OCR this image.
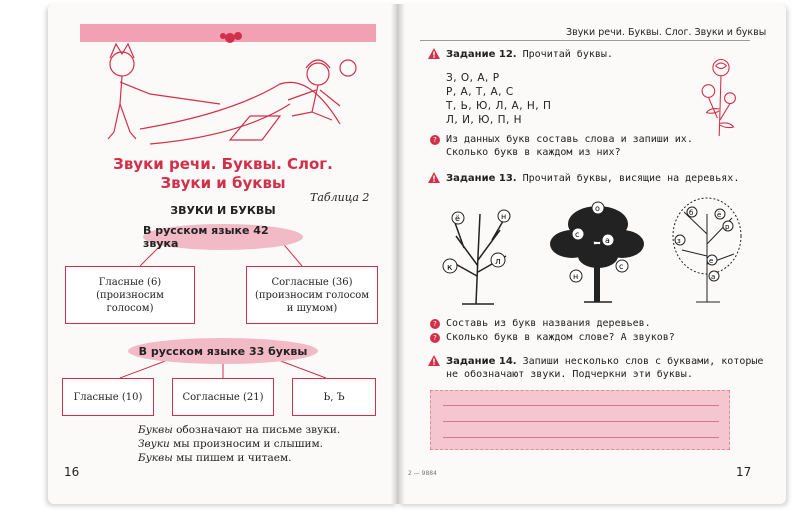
Звуки речи. Буквы. Слог.
Звуки и буквы
Таблица 2
ЗВУКИ И БУКВЫ
В русском языке 42 звука
Гласные (6)
(произносим
голосом)
Согласные (36)
(произносим голосом
и шумом)
В русском языке 33 буквы
Гласные (10)	Согласные (21)	Ь, Ъ
Буквы обозначают на письме звуки.
Звуки мы произносим и слышим.
Буквы мы пишем и читаем.
16
Звуки речи. Буквы. Слог. Звуки и буквы
Задание 12. Прочитай буквы.
З, О, А, Р
Р, А, Т, А, С
Т, Ь, Ю, Л, А, Н, П
Л, И, Ю, П, Н
? Из данных букв составь слова и запиши их.
Сколько букв в каждом из них?
Задание 13. Прочитай буквы, висящие на деревьях.
к
л
ё	н
о
с
а
н
с
б	ё
р
з
е
а
? Составь из букв названия деревьев.
? Сколько букв в каждом слове? А звуков?
Задание 14. Запиши несколько слов с буквами, которые
не обозначают звуки. Подчеркни эти буквы.
2 — 9884	17
